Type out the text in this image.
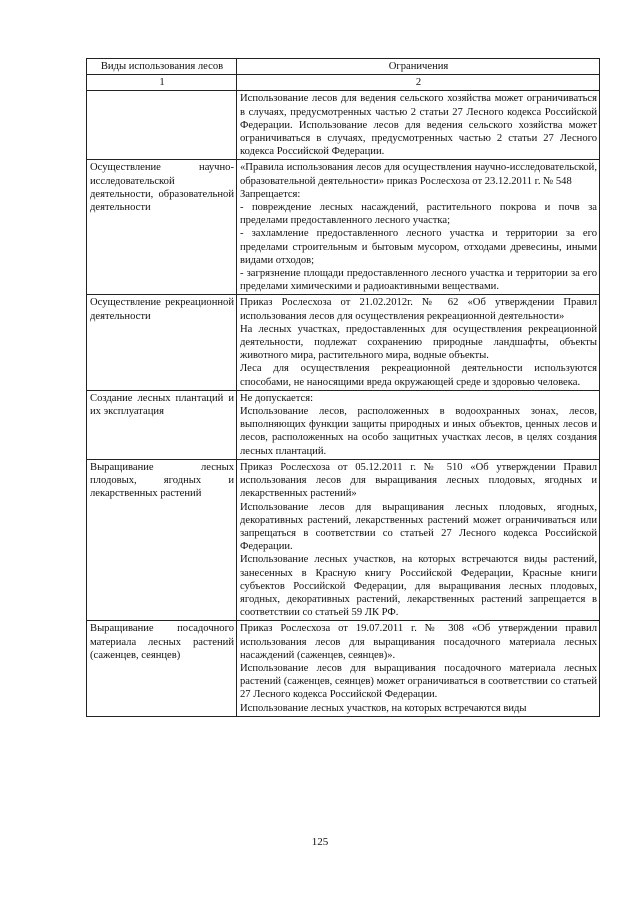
Виды использования лесов	Ограничения
1	2

	Использование лесов для ведения сельского хозяйства может ограничиваться в случаях, предусмотренных частью 2 статьи 27 Лесного кодекса Российской Федерации. Использование лесов для ведения сельского хозяйства может ограничиваться в случаях, предусмотренных частью 2 статьи 27 Лесного кодекса Российской Федерации.

Осуществление научно-исследовательской деятельности, образовательной деятельности	«Правила использования лесов для осуществления научно-исследовательской, образовательной деятельности» приказ Рослесхоза от 23.12.2011 г. № 548

Запрещается:

- повреждение лесных насаждений, растительного покрова и почв за пределами предоставленного лесного участка;

- захламление предоставленного лесного участка и территории за его пределами строительным и бытовым мусором, отходами древесины, иными видами отходов;

- загрязнение площади предоставленного лесного участка и территории за его пределами химическими и радиоактивными веществами.

Осуществление рекреационной деятельности	Приказ Рослесхоза от 21.02.2012г. № 62 «Об утверждении Правил использования лесов для осуществления рекреационной деятельности»

На лесных участках, предоставленных для осуществления рекреационной деятельности, подлежат сохранению природные ландшафты, объекты животного мира, растительного мира, водные объекты.

Леса для осуществления рекреационной деятельности используются способами, не наносящими вреда окружающей среде и здоровью человека.

Создание лесных плантаций и их эксплуатация	Не допускается:

Использование лесов, расположенных в водоохранных зонах, лесов, выполняющих функции защиты природных и иных объектов, ценных лесов и лесов, расположенных на особо защитных участках лесов, в целях создания лесных плантаций.

Выращивание лесных плодовых, ягодных и лекарственных растений	Приказ Рослесхоза от 05.12.2011 г. № 510 «Об утверждении Правил использования лесов для выращивания лесных плодовых, ягодных и лекарственных растений»

Использование лесов для выращивания лесных плодовых, ягодных, декоративных растений, лекарственных растений может ограничиваться или запрещаться в соответствии со статьей 27 Лесного кодекса Российской Федерации.

Использование лесных участков, на которых встречаются виды растений, занесенных в Красную книгу Российской Федерации, Красные книги субъектов Российской Федерации, для выращивания лесных плодовых, ягодных, декоративных растений, лекарственных растений запрещается в соответствии со статьей 59 ЛК РФ.

Выращивание посадочного материала лесных растений (саженцев, сеянцев)	Приказ Рослесхоза от 19.07.2011 г. № 308 «Об утверждении правил использования лесов для выращивания посадочного материала лесных насаждений (саженцев, сеянцев)».

Использование лесов для выращивания посадочного материала лесных растений (саженцев, сеянцев) может ограничиваться в соответствии со статьей 27 Лесного кодекса Российской Федерации.

Использование лесных участков, на которых встречаются виды

125
